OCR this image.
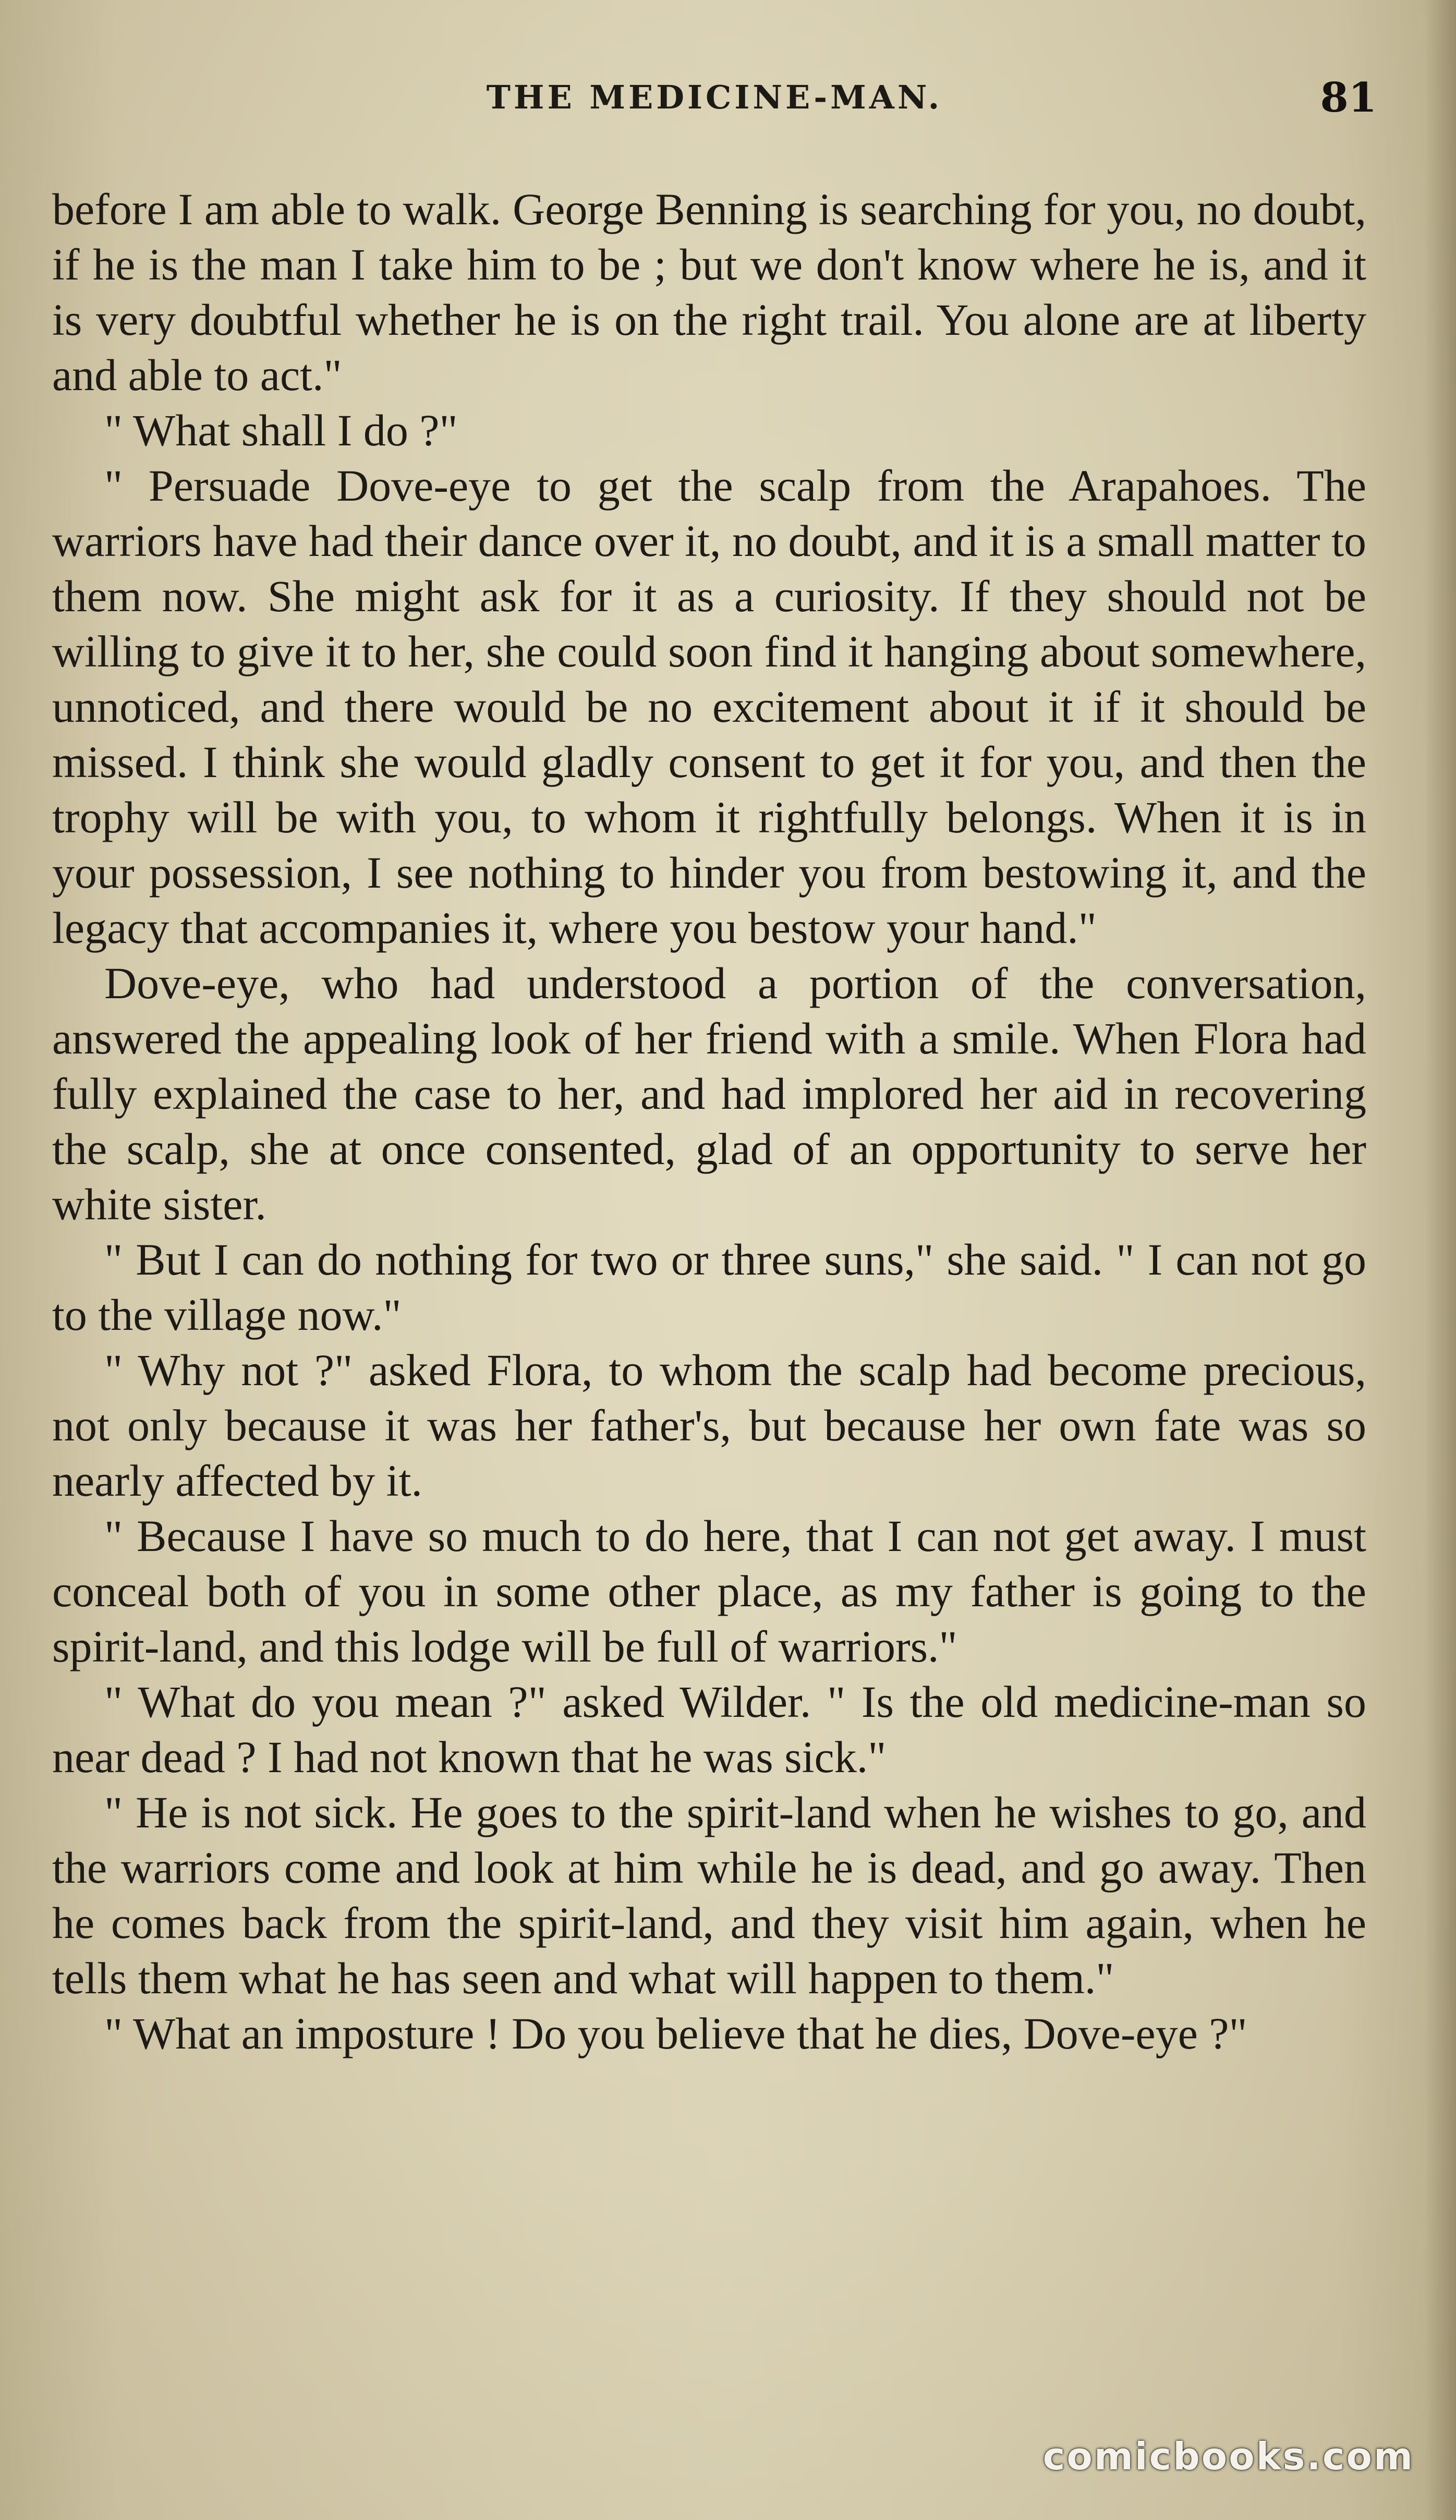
THE MEDICINE-MAN.	81

before I am able to walk. George Benning is searching for you, no doubt, if he is the man I take him to be ; but we don't know where he is, and it is very doubtful whether he is on the right trail. You alone are at liberty and able to act."

" What shall I do ?"

" Persuade Dove-eye to get the scalp from the Arapahoes. The warriors have had their dance over it, no doubt, and it is a small matter to them now. She might ask for it as a curiosity. If they should not be willing to give it to her, she could soon find it hanging about somewhere, unnoticed, and there would be no excitement about it if it should be missed. I think she would gladly consent to get it for you, and then the trophy will be with you, to whom it rightfully belongs. When it is in your possession, I see nothing to hinder you from bestowing it, and the legacy that accompanies it, where you bestow your hand."

Dove-eye, who had understood a portion of the conversation, answered the appealing look of her friend with a smile. When Flora had fully explained the case to her, and had implored her aid in recovering the scalp, she at once consented, glad of an opportunity to serve her white sister.

" But I can do nothing for two or three suns," she said. " I can not go to the village now."

" Why not ?" asked Flora, to whom the scalp had become precious, not only because it was her father's, but because her own fate was so nearly affected by it.

" Because I have so much to do here, that I can not get away. I must conceal both of you in some other place, as my father is going to the spirit-land, and this lodge will be full of warriors."

" What do you mean ?" asked Wilder. " Is the old medicine-man so near dead ? I had not known that he was sick."

" He is not sick. He goes to the spirit-land when he wishes to go, and the warriors come and look at him while he is dead, and go away. Then he comes back from the spirit-land, and they visit him again, when he tells them what he has seen and what will happen to them."

" What an imposture ! Do you believe that he dies, Dove-eye ?"

comicbooks.com
